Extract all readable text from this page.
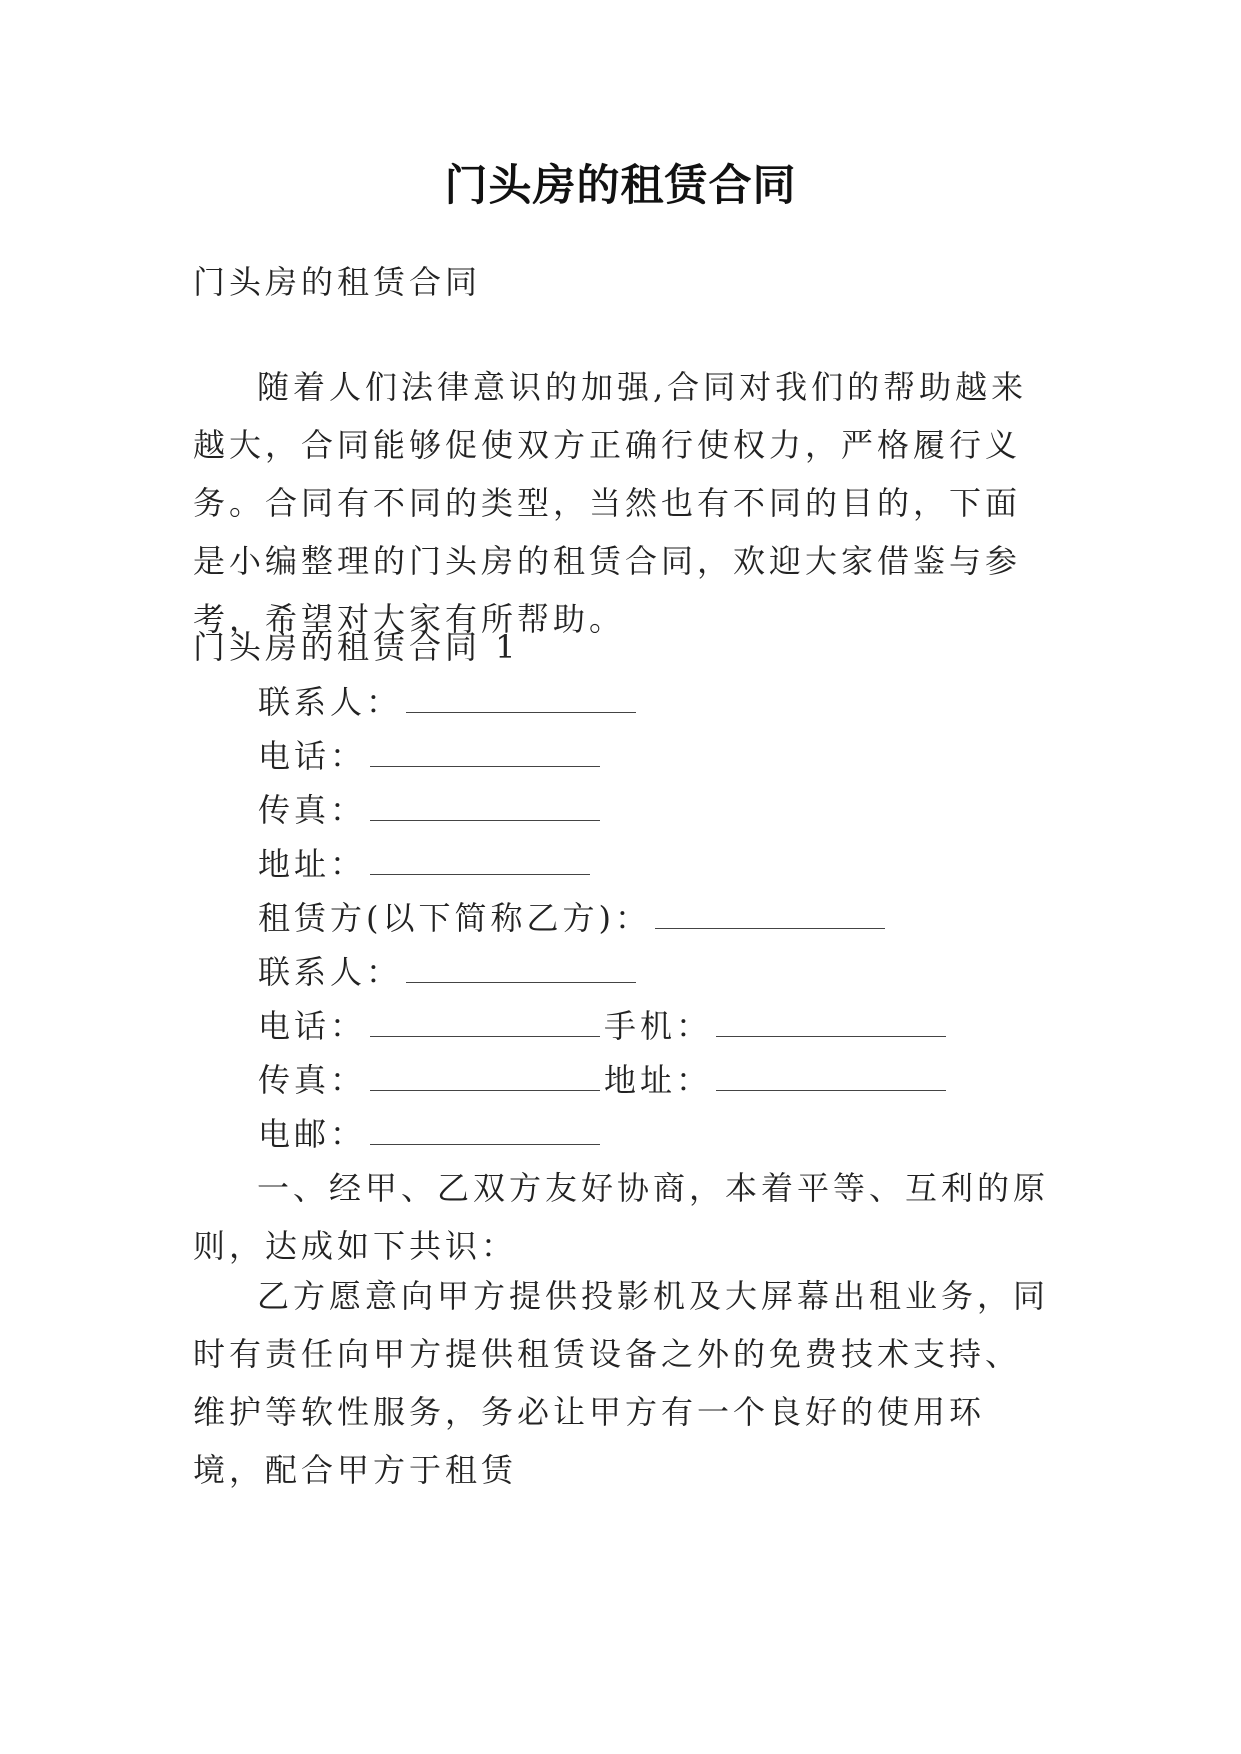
门头房的租赁合同
门头房的租赁合同

随着人们法律意识的加强,合同对我们的帮助越来越大，合同能够促使双方正确行使权力，严格履行义务。合同有不同的类型，当然也有不同的目的，下面是小编整理的门头房的租赁合同，欢迎大家借鉴与参考，希望对大家有所帮助。

门头房的租赁合同 1
联系人：
电话：
传真：
地址：
租赁方(以下简称乙方)：
联系人：
电话：	手机：
传真：	地址：
电邮：

一、经甲、乙双方友好协商，本着平等、互利的原则，达成如下共识：

乙方愿意向甲方提供投影机及大屏幕出租业务，同时有责任向甲方提供租赁设备之外的免费技术支持、维护等软性服务，务必让甲方有一个良好的使用环境，配合甲方于租赁
